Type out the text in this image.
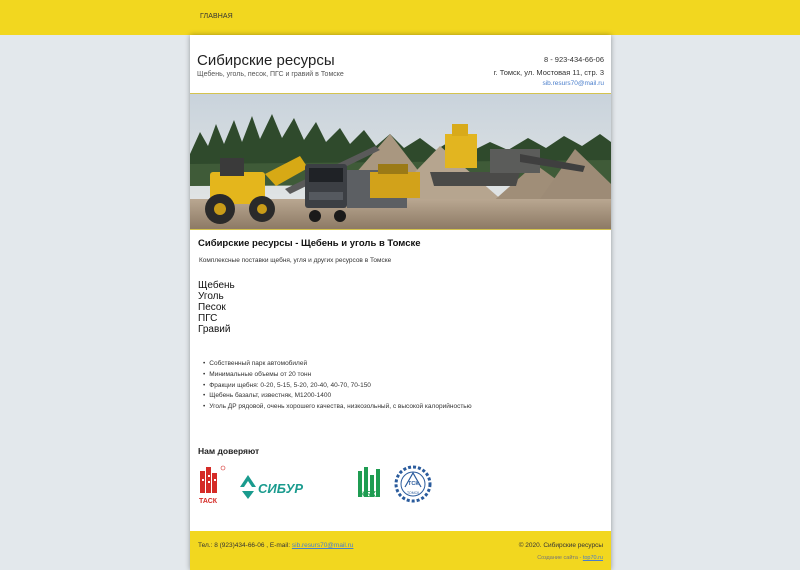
ГЛАВНАЯ
Сибирские ресурсы
Щебень, уголь, песок, ПГС и гравий в Томске
8 - 923-434-66-06
г. Томск, ул. Мостовая 11, стр. 3
sib.resurs70@mail.ru
Сибирские ресурсы - Щебень и уголь в Томске
Комплексные поставки щебня, угля и других ресурсов в Томске
Щебень
Уголь
Песок
ПГС
Гравий
• Собственный парк автомобилей
• Минимальные объемы от 20 тонн
• Фракции щебня: 0-20, 5-15, 5-20, 20-40, 40-70, 70-150
• Щебень базальт, известняк, М1200-1400
• Уголь ДР рядовой, очень хорошего качества, низкозольный, с высокой калорийностью
Нам доверяют
ТАСК
СИБУР	ЖБК
ТСК
ТОМСК
Тел.: 8 (923)434-66-06 , E-mail: sib.resurs70@mail.ru	© 2020. Сибирские ресурсы
Создание сайта - top70.ru
